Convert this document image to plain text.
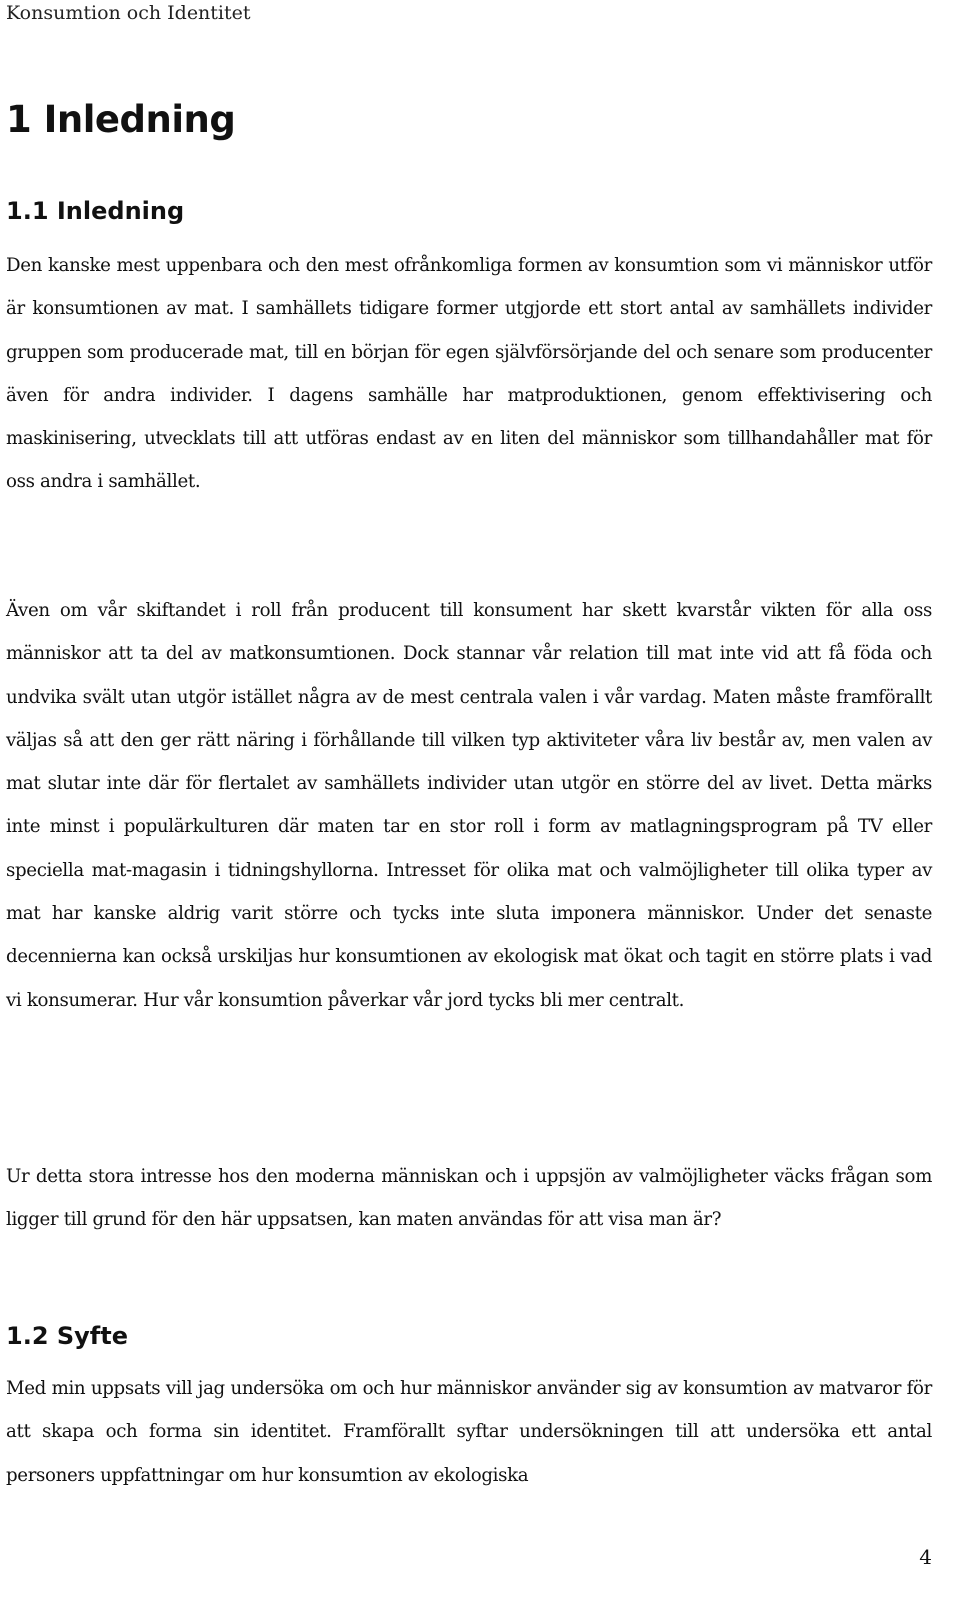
Konsumtion och Identitet
1 Inledning
1.1 Inledning

Den kanske mest uppenbara och den mest ofrånkomliga formen av konsumtion som vi människor utför är konsumtionen av mat. I samhällets tidigare former utgjorde ett stort antal av samhällets individer gruppen som producerade mat, till en början för egen självförsörjande del och senare som producenter även för andra individer. I dagens samhälle har matproduktionen, genom effektivisering och maskinisering, utvecklats till att utföras endast av en liten del människor som tillhandahåller mat för oss andra i samhället.

Även om vår skiftandet i roll från producent till konsument har skett kvarstår vikten för alla oss människor att ta del av matkonsumtionen. Dock stannar vår relation till mat inte vid att få föda och undvika svält utan utgör istället några av de mest centrala valen i vår vardag. Maten måste framförallt väljas så att den ger rätt näring i förhållande till vilken typ aktiviteter våra liv består av, men valen av mat slutar inte där för flertalet av samhällets individer utan utgör en större del av livet. Detta märks inte minst i populärkulturen där maten tar en stor roll i form av matlagningsprogram på TV eller speciella mat-magasin i tidningshyllorna. Intresset för olika mat och valmöjligheter till olika typer av mat har kanske aldrig varit större och tycks inte sluta imponera människor. Under det senaste decennierna kan också urskiljas hur konsumtionen av ekologisk mat ökat och tagit en större plats i vad vi konsumerar. Hur vår konsumtion påverkar vår jord tycks bli mer centralt.

Ur detta stora intresse hos den moderna människan och i uppsjön av valmöjligheter väcks frågan som ligger till grund för den här uppsatsen, kan maten användas för att visa man är?

1.2 Syfte

Med min uppsats vill jag undersöka om och hur människor använder sig av konsumtion av matvaror för att skapa och forma sin identitet. Framförallt syftar undersökningen till att undersöka ett antal personers uppfattningar om hur konsumtion av ekologiska

4
